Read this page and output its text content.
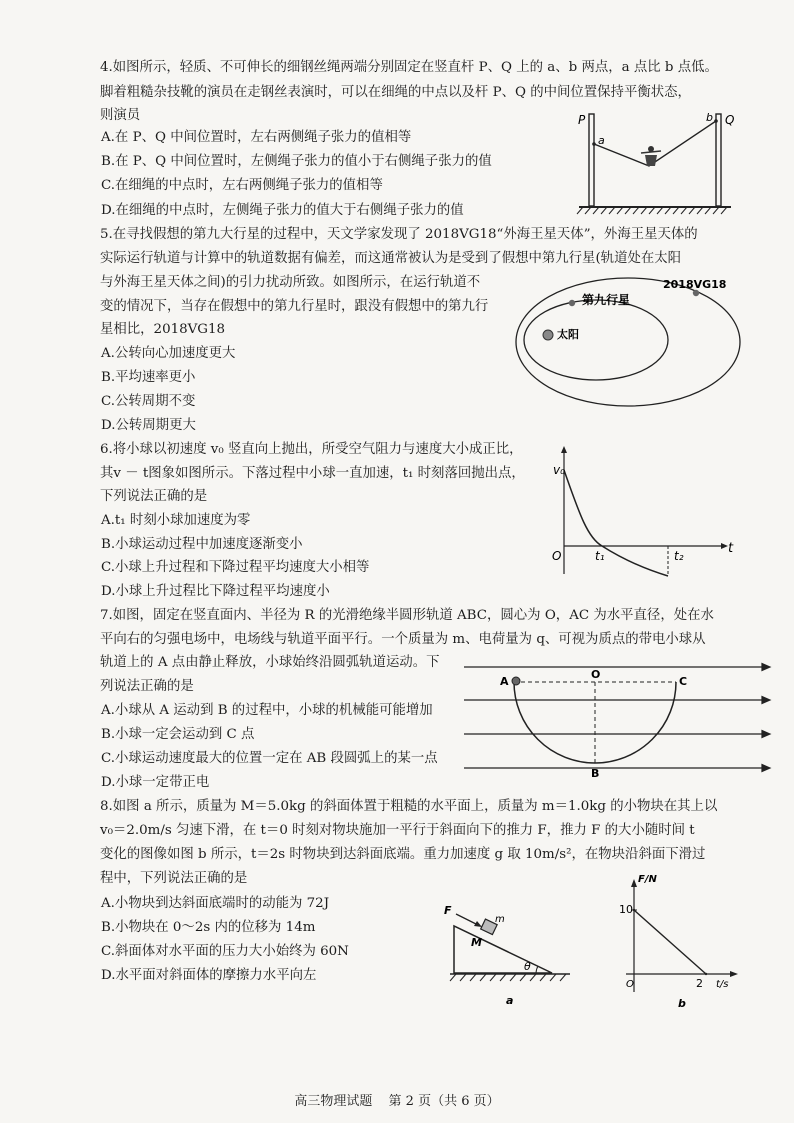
4.如图所示，轻质、不可伸长的细钢丝绳两端分别固定在竖直杆 P、Q 上的 a、b 两点，a 点比 b 点低。
脚着粗糙杂技靴的演员在走钢丝表演时，可以在细绳的中点以及杆 P、Q 的中间位置保持平衡状态，
则演员
A.在 P、Q 中间位置时，左右两侧绳子张力的值相等
B.在 P、Q 中间位置时，左侧绳子张力的值小于右侧绳子张力的值
C.在细绳的中点时，左右两侧绳子张力的值相等
D.在细绳的中点时，左侧绳子张力的值大于右侧绳子张力的值
P	Q
a
b
5.在寻找假想的第九大行星的过程中，天文学家发现了 2018VG18“外海王星天体”，外海王星天体的
实际运行轨道与计算中的轨道数据有偏差，而这通常被认为是受到了假想中第九行星(轨道处在太阳
与外海王星天体之间)的引力扰动所致。如图所示，在运行轨道不
变的情况下，当存在假想中的第九行星时，跟没有假想中的第九行
星相比，2018VG18
A.公转向心加速度更大
B.平均速率更小
C.公转周期不变
D.公转周期更大
第九行星
2018VG18
太阳
6.将小球以初速度 v₀ 竖直向上抛出，所受空气阻力与速度大小成正比，
其v － t图象如图所示。下落过程中小球一直加速，t₁ 时刻落回抛出点，
下列说法正确的是
A.t₁ 时刻小球加速度为零
B.小球运动过程中加速度逐渐变小
C.小球上升过程和下降过程平均速度大小相等
D.小球上升过程比下降过程平均速度小
v₀
O	t₁	t₂	t
7.如图，固定在竖直面内、半径为 R 的光滑绝缘半圆形轨道 ABC，圆心为 O，AC 为水平直径，处在水
平向右的匀强电场中，电场线与轨道平面平行。一个质量为 m、电荷量为 q、可视为质点的带电小球从
轨道上的 A 点由静止释放，小球始终沿圆弧轨道运动。下
列说法正确的是
A.小球从 A 运动到 B 的过程中，小球的机械能可能增加
B.小球一定会运动到 C 点
C.小球运动速度最大的位置一定在 AB 段圆弧上的某一点
D.小球一定带正电
A
O
C
B
8.如图 a 所示，质量为 M＝5.0kg 的斜面体置于粗糙的水平面上，质量为 m＝1.0kg 的小物块在其上以
v₀＝2.0m/s 匀速下滑，在 t＝0 时刻对物块施加一平行于斜面向下的推力 F，推力 F 的大小随时间 t
变化的图像如图 b 所示，t＝2s 时物块到达斜面底端。重力加速度 g 取 10m/s²，在物块沿斜面下滑过
程中，下列说法正确的是
A.小物块到达斜面底端时的动能为 72J
B.小物块在 0～2s 内的位移为 14m
C.斜面体对水平面的压力大小始终为 60N
D.水平面对斜面体的摩擦力水平向左
F
m
M
θ
a
F/N
10
O	2 t/s
b
高三物理试题 第 2 页（共 6 页）
